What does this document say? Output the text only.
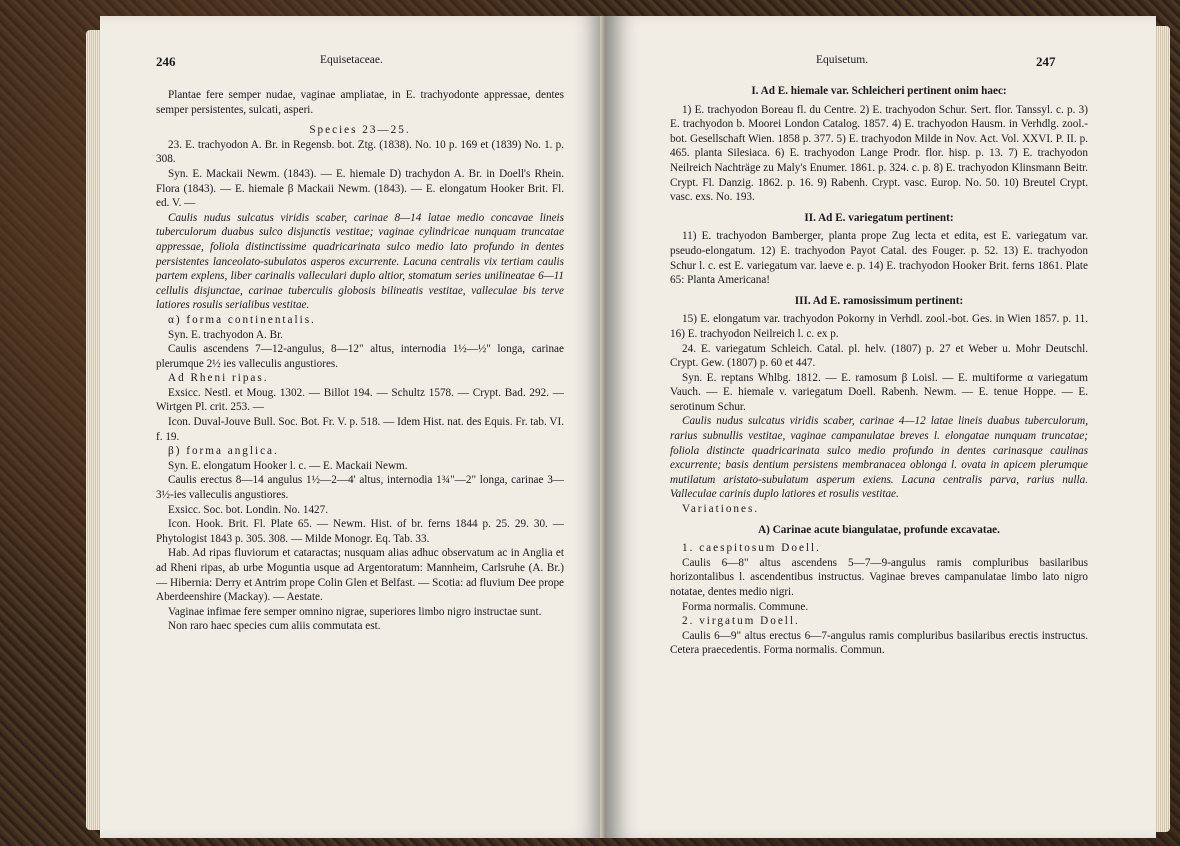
246	Equisetaceae.

Plantae fere semper nudae, vaginae ampliatae, in E. trachyodonte appressae, dentes semper persistentes, sulcati, asperi.

Species 23—25.

23. E. trachyodon A. Br. in Regensb. bot. Ztg. (1838). No. 10 p. 169 et (1839) No. 1. p. 308.

Syn. E. Mackaii Newm. (1843). — E. hiemale D) trachydon A. Br. in Doell's Rhein. Flora (1843). — E. hiemale β Mackaii Newm. (1843). — E. elongatum Hooker Brit. Fl. ed. V. —

Caulis nudus sulcatus viridis scaber, carinae 8—14 latae medio concavae lineis tuberculorum duabus sulco disjunctis vestitae; vaginae cylindricae nunquam truncatae appressae, foliola distinctissime quadricarinata sulco medio lato profundo in dentes persistentes lanceolato-subulatos asperos excurrente. Lacuna centralis vix tertiam caulis partem explens, liber carinalis valleculari duplo altior, stomatum series unilineatae 6—11 cellulis disjunctae, carinae tuberculis globosis bilineatis vestitae, valleculae bis terve latiores rosulis serialibus vestitae.

α) forma continentalis.

Syn. E. trachyodon A. Br.

Caulis ascendens 7—12-angulus, 8—12" altus, internodia 1½—½" longa, carinae plerumque 2½ ies valleculis angustiores.

Ad Rheni ripas.

Exsicc. Nestl. et Moug. 1302. — Billot 194. — Schultz 1578. — Crypt. Bad. 292. — Wirtgen Pl. crit. 253. —

Icon. Duval-Jouve Bull. Soc. Bot. Fr. V. p. 518. — Idem Hist. nat. des Equis. Fr. tab. VI. f. 19.

β) forma anglica.

Syn. E. elongatum Hooker l. c. — E. Mackaii Newm.

Caulis erectus 8—14 angulus 1½—2—4' altus, internodia 1¾"—2" longa, carinae 3—3½-ies valleculis angustiores.

Exsicc. Soc. bot. Londin. No. 1427.

Icon. Hook. Brit. Fl. Plate 65. — Newm. Hist. of br. ferns 1844 p. 25. 29. 30. — Phytologist 1843 p. 305. 308. — Milde Monogr. Eq. Tab. 33.

Hab. Ad ripas fluviorum et cataractas; nusquam alias adhuc observatum ac in Anglia et ad Rheni ripas, ab urbe Moguntia usque ad Argentoratum: Mannheim, Carlsruhe (A. Br.) — Hibernia: Derry et Antrim prope Colin Glen et Belfast. — Scotia: ad fluvium Dee prope Aberdeenshire (Mackay). — Aestate.

Vaginae infimae fere semper omnino nigrae, superiores limbo nigro instructae sunt.

Non raro haec species cum aliis commutata est.

Equisetum.	247

I. Ad E. hiemale var. Schleicheri pertinent onim haec:

1) E. trachyodon Boreau fl. du Centre. 2) E. trachyodon Schur. Sert. flor. Tanssyl. c. p. 3) E. trachyodon b. Moorei London Catalog. 1857. 4) E. trachyodon Hausm. in Verhdlg. zool.-bot. Gesellschaft Wien. 1858 p. 377. 5) E. trachyodon Milde in Nov. Act. Vol. XXVI. P. II. p. 465. planta Silesiaca. 6) E. trachyodon Lange Prodr. flor. hisp. p. 13. 7) E. trachyodon Neilreich Nachträge zu Maly's Enumer. 1861. p. 324. c. p. 8) E. trachyodon Klinsmann Beitr. Crypt. Fl. Danzig. 1862. p. 16. 9) Rabenh. Crypt. vasc. Europ. No. 50. 10) Breutel Crypt. vasc. exs. No. 193.

II. Ad E. variegatum pertinent:

11) E. trachyodon Bamberger, planta prope Zug lecta et edita, est E. variegatum var. pseudo-elongatum. 12) E. trachyodon Payot Catal. des Fouger. p. 52. 13) E. trachyodon Schur l. c. est E. variegatum var. laeve e. p. 14) E. trachyodon Hooker Brit. ferns 1861. Plate 65: Planta Americana!

III. Ad E. ramosissimum pertinent:

15) E. elongatum var. trachyodon Pokorny in Verhdl. zool.-bot. Ges. in Wien 1857. p. 11. 16) E. trachyodon Neilreich l. c. ex p.

24. E. variegatum Schleich. Catal. pl. helv. (1807) p. 27 et Weber u. Mohr Deutschl. Crypt. Gew. (1807) p. 60 et 447.

Syn. E. reptans Whlbg. 1812. — E. ramosum β Loisl. — E. multiforme α variegatum Vauch. — E. hiemale v. variegatum Doell. Rabenh. Newm. — E. tenue Hoppe. — E. serotinum Schur.

Caulis nudus sulcatus viridis scaber, carinae 4—12 latae lineis duabus tuberculorum, rarius subnullis vestitae, vaginae campanulatae breves l. elongatae nunquam truncatae; foliola distincte quadricarinata sulco medio profundo in dentes carinasque caulinas excurrente; basis dentium persistens membranacea oblonga l. ovata in apicem plerumque mutilatum aristato-subulatum asperum exiens. Lacuna centralis parva, rarius nulla. Valleculae carinis duplo latiores et rosulis vestitae.

Variationes.

A) Carinae acute biangulatae, profunde excavatae.

1. caespitosum Doell.

Caulis 6—8" altus ascendens 5—7—9-angulus ramis compluribus basilaribus horizontalibus l. ascendentibus instructus. Vaginae breves campanulatae limbo lato nigro notatae, dentes medio nigri.

Forma normalis. Commune.

2. virgatum Doell.

Caulis 6—9" altus erectus 6—7-angulus ramis compluribus basilaribus erectis instructus. Cetera praecedentis. Forma normalis. Commun.
